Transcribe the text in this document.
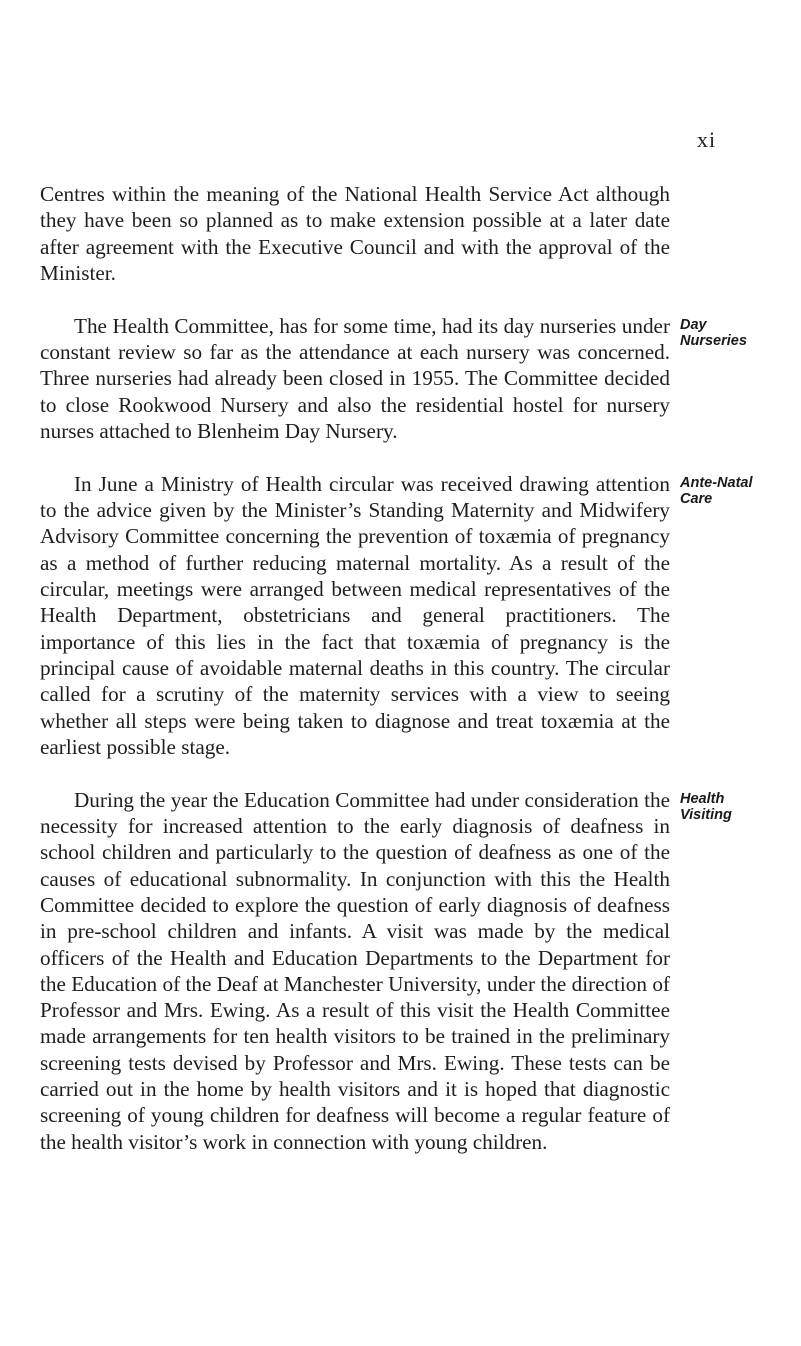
xi

Centres within the meaning of the National Health Service Act although they have been so planned as to make extension possible at a later date after agreement with the Executive Council and with the approval of the Minister.

Day
Nurseries
The Health Committee, has for some time, had its day nurseries under constant review so far as the attendance at each nursery was concerned. Three nurseries had already been closed in 1955. The Committee decided to close Rookwood Nursery and also the residential hostel for nursery nurses attached to Blenheim Day Nursery.

Ante-Natal
Care
In June a Ministry of Health circular was received drawing attention to the advice given by the Minister’s Standing Maternity and Midwifery Advisory Committee concerning the prevention of toxæmia of pregnancy as a method of further reducing maternal mortality. As a result of the circular, meetings were arranged between medical representatives of the Health Department, obstetricians and general practitioners. The importance of this lies in the fact that toxæmia of pregnancy is the principal cause of avoidable maternal deaths in this country. The circular called for a scrutiny of the maternity services with a view to seeing whether all steps were being taken to diagnose and treat toxæmia at the earliest possible stage.

Health
Visiting
During the year the Education Committee had under consideration the necessity for increased attention to the early diagnosis of deafness in school children and particularly to the question of deafness as one of the causes of educational subnormality. In conjunction with this the Health Committee decided to explore the question of early diagnosis of deafness in pre-school children and infants. A visit was made by the medical officers of the Health and Education Departments to the Department for the Education of the Deaf at Manchester University, under the direction of Professor and Mrs. Ewing. As a result of this visit the Health Committee made arrangements for ten health visitors to be trained in the preliminary screening tests devised by Professor and Mrs. Ewing. These tests can be carried out in the home by health visitors and it is hoped that diagnostic screening of young children for deafness will become a regular feature of the health visitor’s work in connection with young children.
